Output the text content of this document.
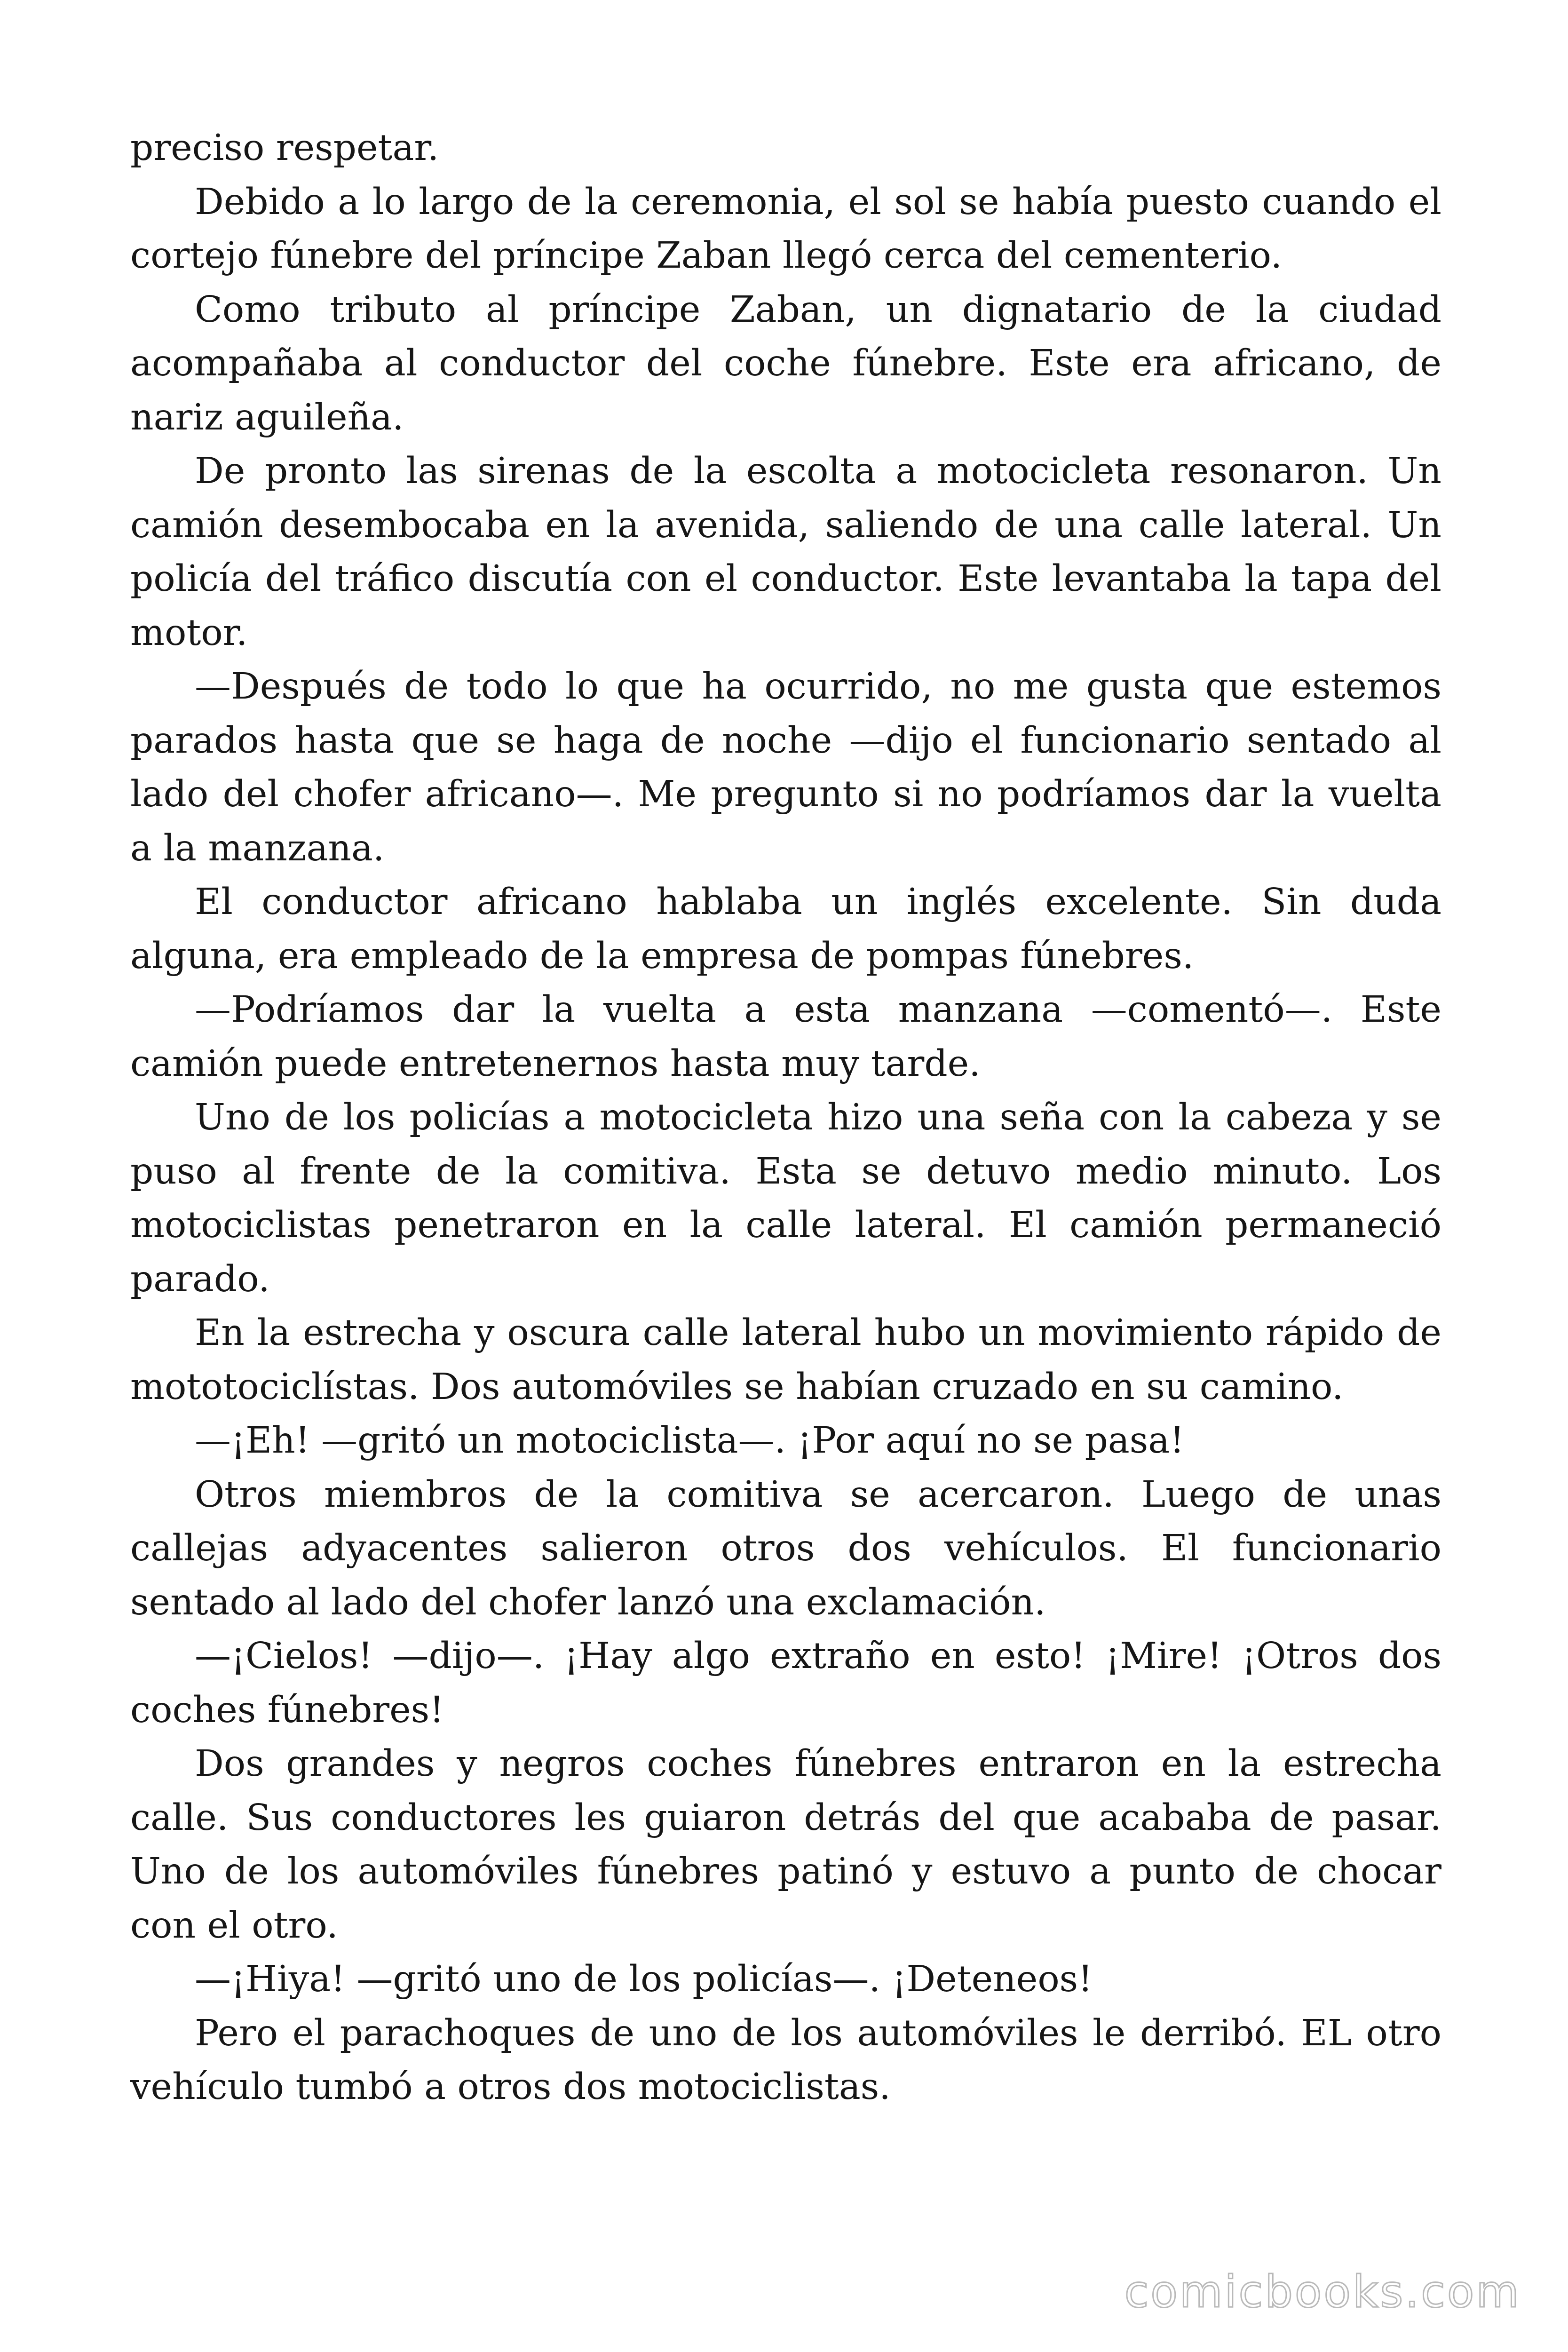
preciso respetar.

Debido a lo largo de la ceremonia, el sol se había puesto cuando el cortejo fúnebre del príncipe Zaban llegó cerca del cementerio.

Como tributo al príncipe Zaban, un dignatario de la ciudad acompañaba al conductor del coche fúnebre. Este era africano, de nariz aguileña.

De pronto las sirenas de la escolta a motocicleta resonaron. Un camión desembocaba en la avenida, saliendo de una calle lateral. Un policía del tráfico discutía con el conductor. Este levantaba la tapa del motor.

—Después de todo lo que ha ocurrido, no me gusta que estemos parados hasta que se haga de noche —dijo el funcionario sentado al lado del chofer africano—. Me pregunto si no podríamos dar la vuelta a la manzana.

El conductor africano hablaba un inglés excelente. Sin duda alguna, era empleado de la empresa de pompas fúnebres.

—Podríamos dar la vuelta a esta manzana —comentó—. Este camión puede entretenernos hasta muy tarde.

Uno de los policías a motocicleta hizo una seña con la cabeza y se puso al frente de la comitiva. Esta se detuvo medio minuto. Los motociclistas penetraron en la calle lateral. El camión permaneció parado.

En la estrecha y oscura calle lateral hubo un movimiento rápido de mototociclístas. Dos automóviles se habían cruzado en su camino.

—¡Eh! —gritó un motociclista—. ¡Por aquí no se pasa!

Otros miembros de la comitiva se acercaron. Luego de unas callejas adyacentes salieron otros dos vehículos. El funcionario sentado al lado del chofer lanzó una exclamación.

—¡Cielos! —dijo—. ¡Hay algo extraño en esto! ¡Mire! ¡Otros dos coches fúnebres!

Dos grandes y negros coches fúnebres entraron en la estrecha calle. Sus conductores les guiaron detrás del que acababa de pasar. Uno de los automóviles fúnebres patinó y estuvo a punto de chocar con el otro.

—¡Hiya! —gritó uno de los policías—. ¡Deteneos!

Pero el parachoques de uno de los automóviles le derribó. EL otro vehículo tumbó a otros dos motociclistas.

comicbooks.com
